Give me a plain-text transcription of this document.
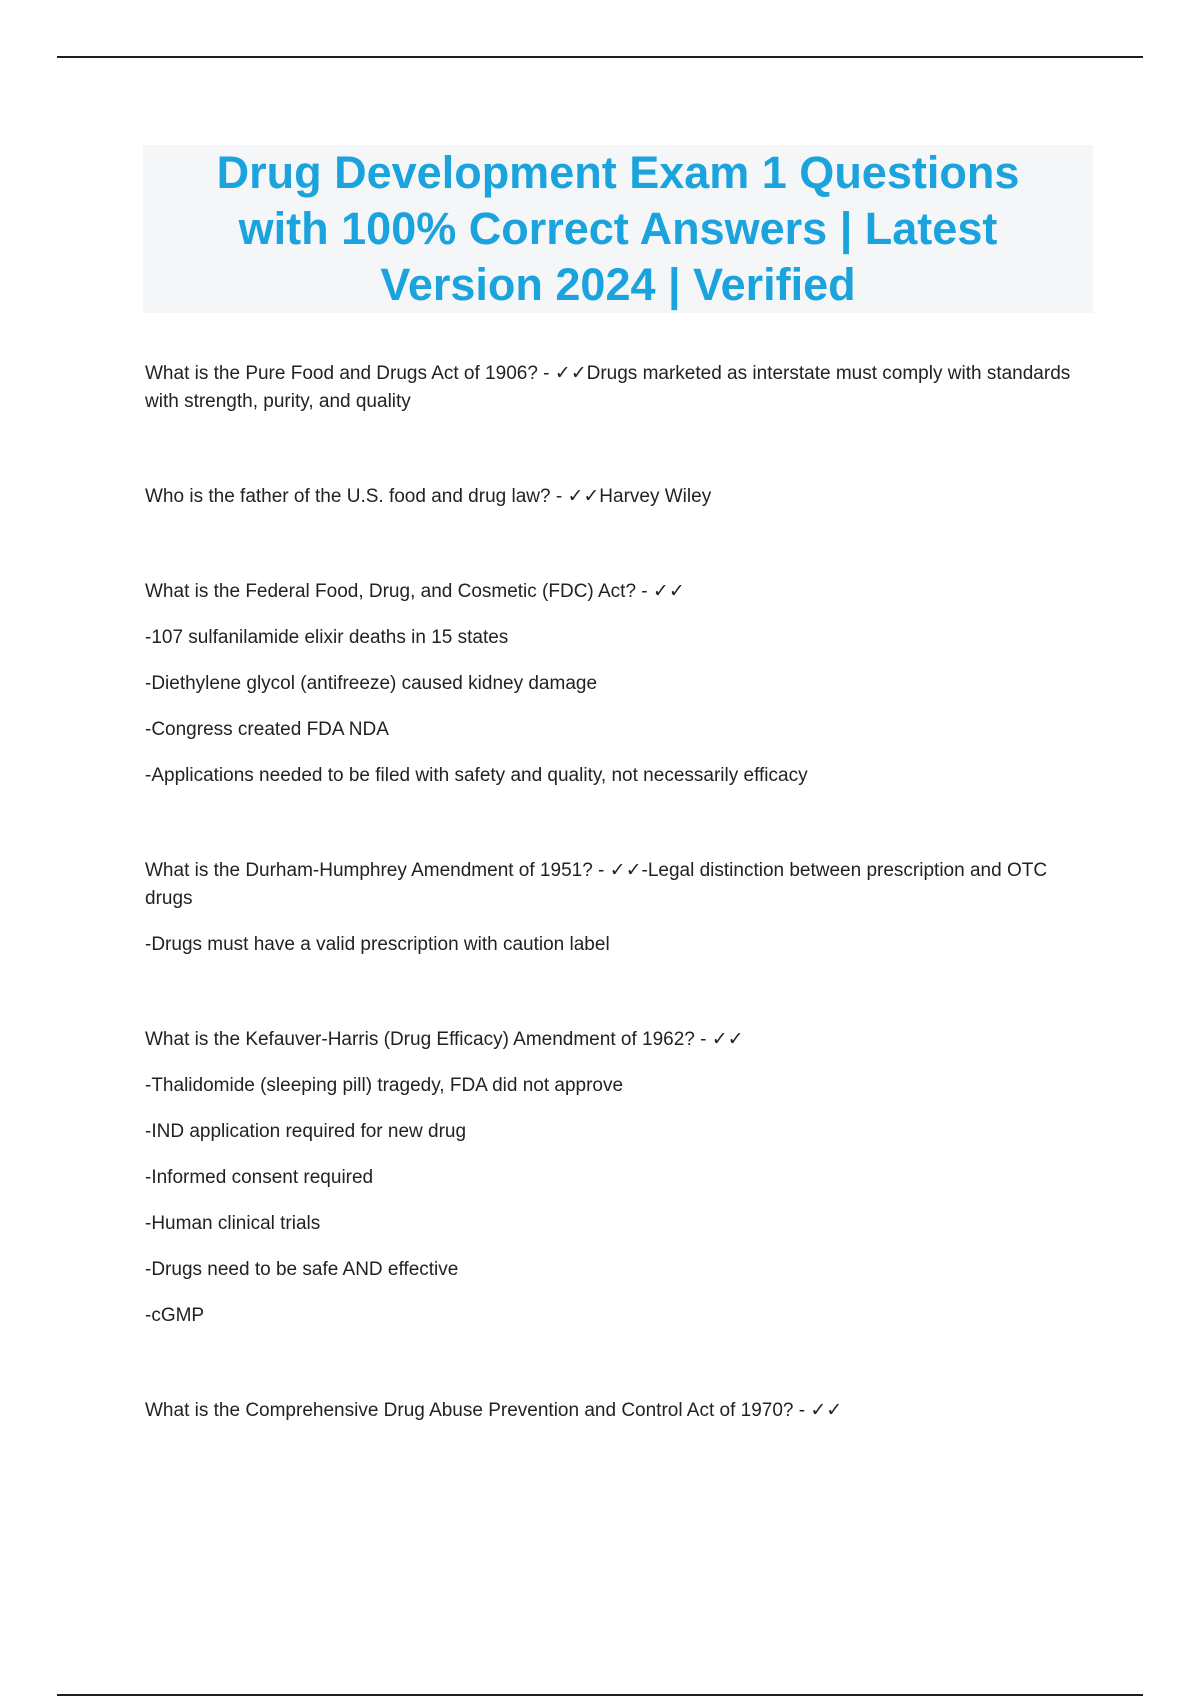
Drug Development Exam 1 Questions with 100% Correct Answers | Latest Version 2024 | Verified

What is the Pure Food and Drugs Act of 1906? - ✓✓Drugs marketed as interstate must comply with standards with strength, purity, and quality

Who is the father of the U.S. food and drug law? - ✓✓Harvey Wiley

What is the Federal Food, Drug, and Cosmetic (FDC) Act? - ✓✓

-107 sulfanilamide elixir deaths in 15 states

-Diethylene glycol (antifreeze) caused kidney damage

-Congress created FDA NDA

-Applications needed to be filed with safety and quality, not necessarily efficacy

What is the Durham-Humphrey Amendment of 1951? - ✓✓-Legal distinction between prescription and OTC drugs

-Drugs must have a valid prescription with caution label

What is the Kefauver-Harris (Drug Efficacy) Amendment of 1962? - ✓✓

-Thalidomide (sleeping pill) tragedy, FDA did not approve

-IND application required for new drug

-Informed consent required

-Human clinical trials

-Drugs need to be safe AND effective

-cGMP

What is the Comprehensive Drug Abuse Prevention and Control Act of 1970? - ✓✓
